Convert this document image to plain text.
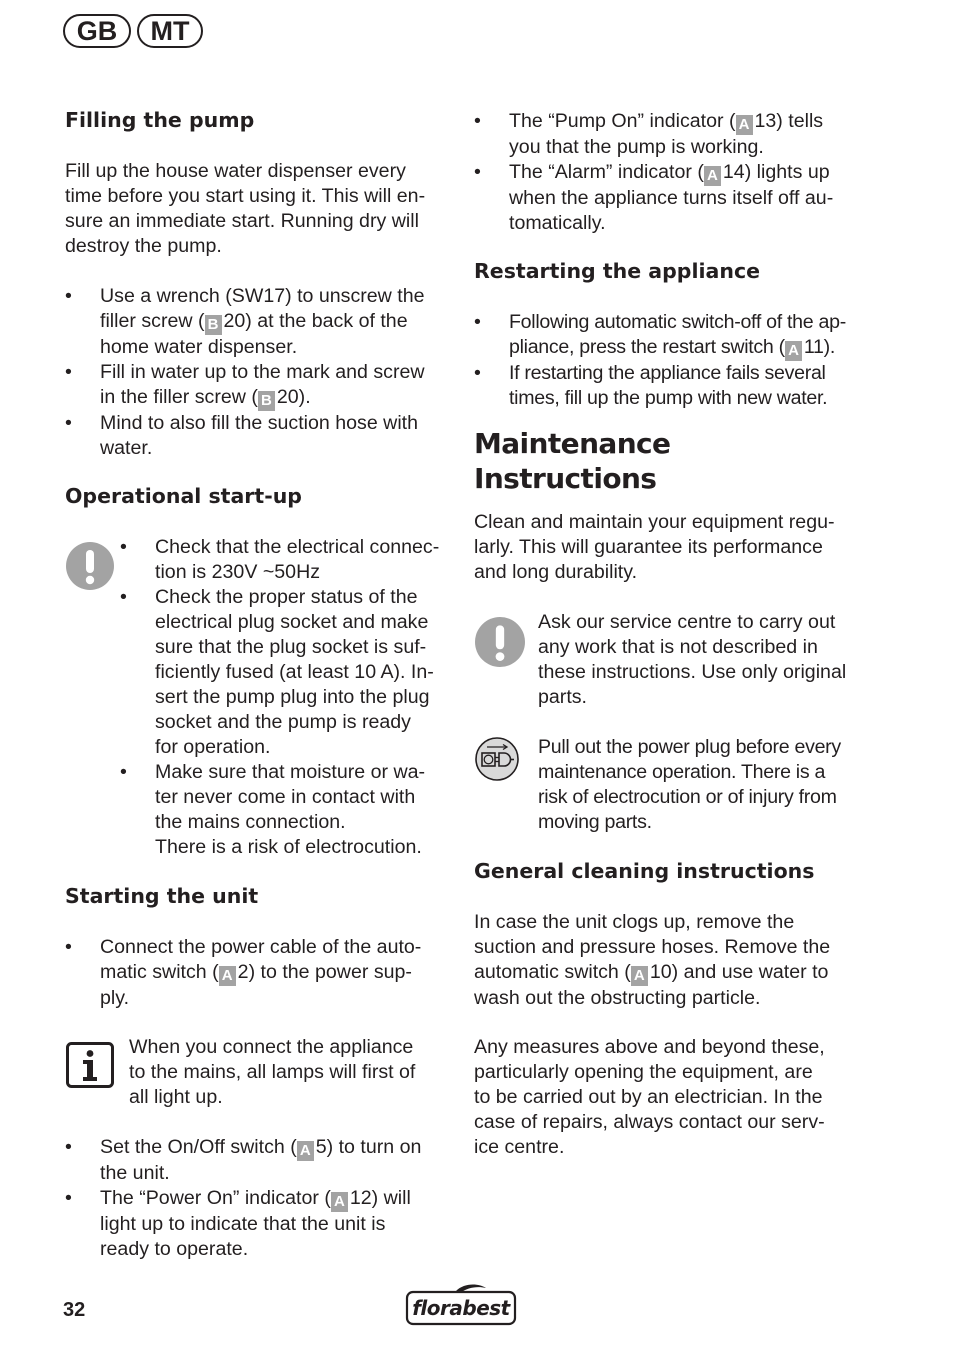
GB	MT
Filling the pump
Fill up the house water dispenser every
time before you start using it. This will en-
sure an immediate start. Running dry will
destroy the pump.
• Use a wrench (SW17) to unscrew the
filler screw ( B 20) at the back of the
home water dispenser.
• Fill in water up to the mark and screw
in the filler screw ( B 20).
• Mind to also fill the suction hose with
water.
Operational start-up
• Check that the electrical connec-
tion is 230V ~50Hz
• Check the proper status of the
electrical plug socket and make
sure that the plug socket is suf-
ficiently fused (at least 10 A). In-
sert the pump plug into the plug
socket and the pump is ready
for operation.
• Make sure that moisture or wa-
ter never come in contact with
the mains connection.
There is a risk of electrocution.
Starting the unit
• Connect the power cable of the auto-
matic switch ( A 2) to the power sup-
ply.
When you connect the appliance
to the mains, all lamps will first of
all light up.
• Set the On/Off switch ( A 5) to turn on
the unit.
• The “Power On” indicator ( A 12) will
light up to indicate that the unit is
ready to operate.
• The “Pump On” indicator ( A 13) tells
you that the pump is working.
• The “Alarm” indicator ( A 14) lights up
when the appliance turns itself off au-
tomatically.
Restarting the appliance
• Following automatic switch-off of the ap-
pliance, press the restart switch ( A 11).
• If restarting the appliance fails several
times, fill up the pump with new water.
Maintenance
Instructions
Clean and maintain your equipment regu-
larly. This will guarantee its performance
and long durability.
Ask our service centre to carry out
any work that is not described in
these instructions. Use only original
parts.
Pull out the power plug before every
maintenance operation. There is a
risk of electrocution or of injury from
moving parts.
General cleaning instructions
In case the unit clogs up, remove the
suction and pressure hoses. Remove the
automatic switch ( A 10) and use water to
wash out the obstructing particle.
Any measures above and beyond these,
particularly opening the equipment, are
to be carried out by an electrician. In the
case of repairs, always contact our serv-
ice centre.
32	florabest
